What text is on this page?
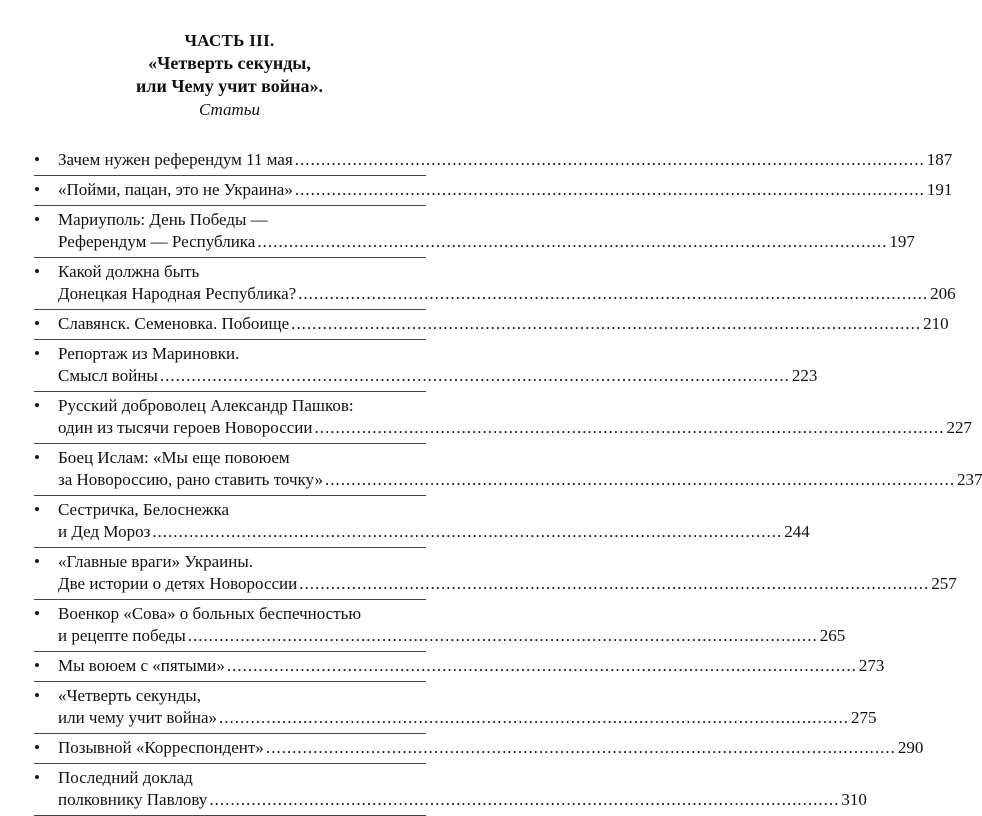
ЧАСТЬ III.
«Четверть секунды,
или Чему учит война».
Статьи
•	Зачем нужен референдум 11 мая .....	187
•	«Пойми, пацан, это не Украина» .....	191
•	Мариуполь: День Победы —
Референдум — Республика .....	197
•	Какой должна быть
Донецкая Народная Республика? .....	206
•	Славянск. Семеновка. Побоище .....	210
•	Репортаж из Мариновки.
Смысл войны .....	223
•	Русский доброволец Александр Пашков:
один из тысячи героев Новороссии .....	227
•	Боец Ислам: «Мы еще повоюем
за Новороссию, рано ставить точку» .....	237
•	Сестричка, Белоснежка
и Дед Мороз .....	244
•	«Главные враги» Украины.
Две истории о детях Новороссии .....	257
•	Военкор «Сова» о больных беспечностью
и рецепте победы .....	265
•	Мы воюем с «пятыми» .....	273
•	«Четверть секунды,
или чему учит война» .....	275
•	Позывной «Корреспондент» .....	290
•	Последний доклад
полковнику Павлову .....	310
